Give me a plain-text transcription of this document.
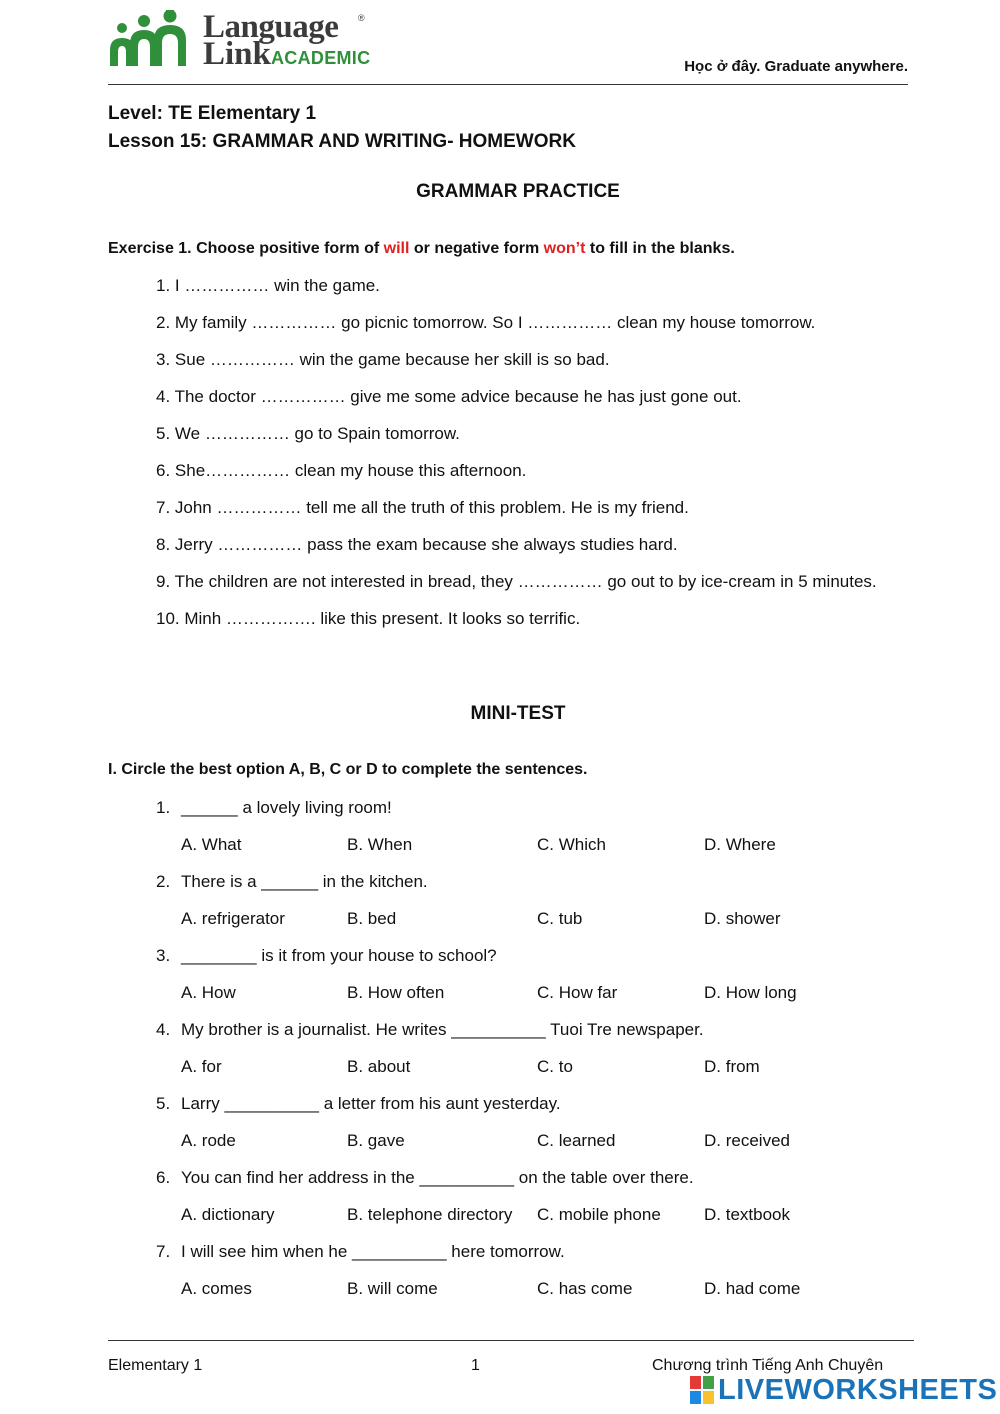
Language ®
Link ACADEMIC	Học ở đây. Graduate anywhere.
Level: TE Elementary 1
Lesson 15: GRAMMAR AND WRITING- HOMEWORK
GRAMMAR PRACTICE
Exercise 1. Choose positive form of will or negative form won’t to fill in the blanks.
1. I …………… win the game.
2. My family …………… go picnic tomorrow. So I …………… clean my house tomorrow.
3. Sue …………… win the game because her skill is so bad.
4. The doctor …………… give me some advice because he has just gone out.
5. We …………… go to Spain tomorrow.
6. She…………… clean my house this afternoon.
7. John …………… tell me all the truth of this problem. He is my friend.
8. Jerry …………… pass the exam because she always studies hard.
9. The children are not interested in bread, they …………… go out to by ice-cream in 5 minutes.
10. Minh ……………. like this present. It looks so terrific.
MINI-TEST
I. Circle the best option A, B, C or D to complete the sentences.
1. ______ a lovely living room!
A. What	B. When	C. Which	D. Where
2. There is a ______ in the kitchen.
A. refrigerator	B. bed	C. tub	D. shower
3. ________ is it from your house to school?
A. How	B. How often	C. How far	D. How long
4. My brother is a journalist. He writes __________ Tuoi Tre newspaper.
A. for	B. about	C. to	D. from
5. Larry __________ a letter from his aunt yesterday.
A. rode	B. gave	C. learned	D. received
6. You can find her address in the __________ on the table over there.
A. dictionary	B. telephone directory C. mobile phone	D. textbook
7. I will see him when he __________ here tomorrow.
A. comes	B. will come	C. has come	D. had come
Elementary 1	1	Chương trình Tiếng Anh Chuyên
LIVEWORKSHEETS
